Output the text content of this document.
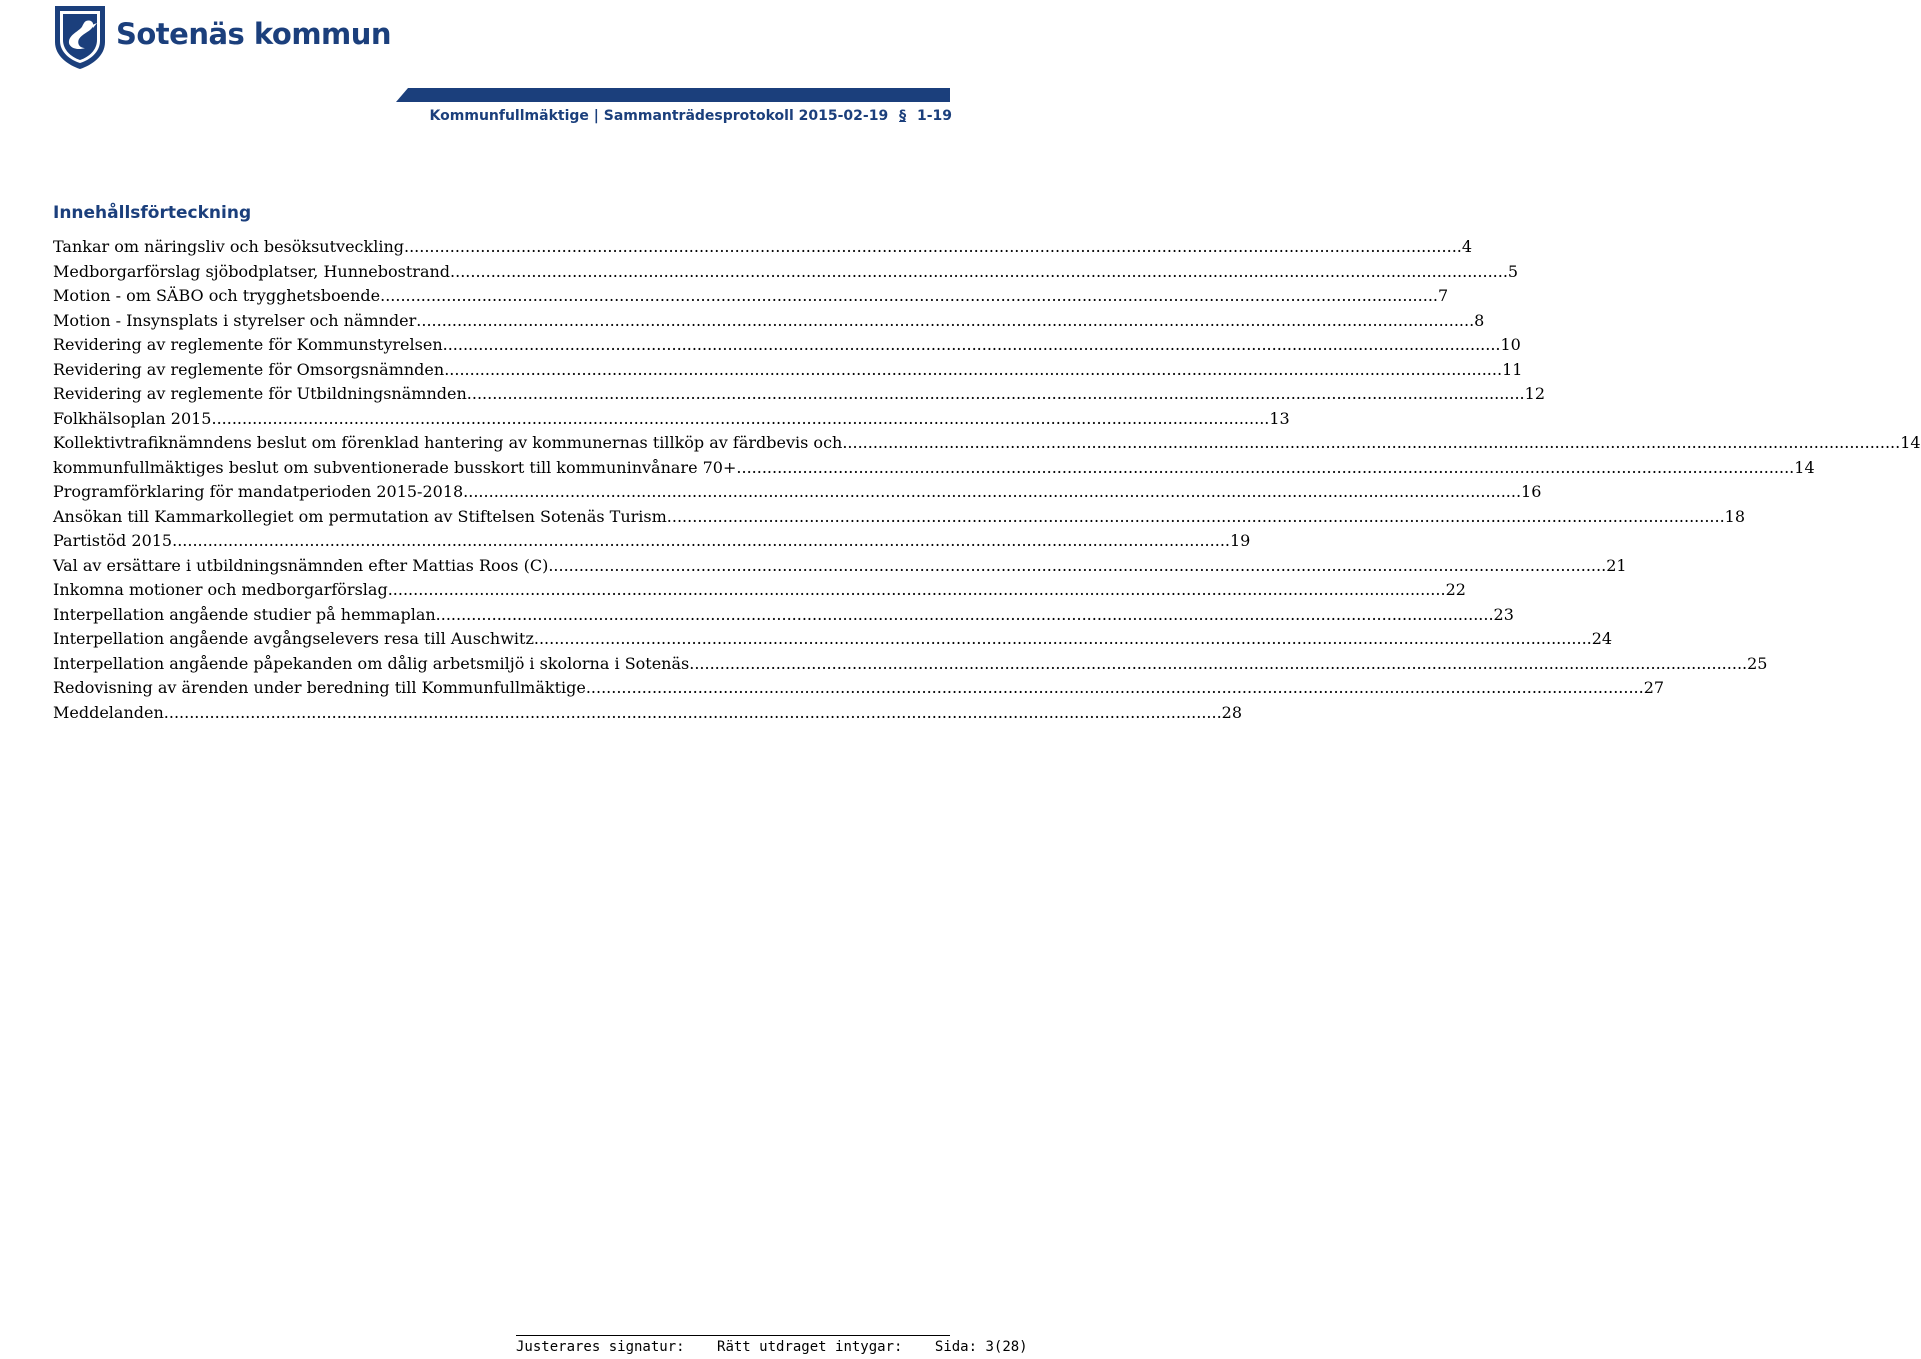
Sotenäs kommun
Kommunfullmäktige | Sammanträdesprotokoll 2015-02-19 § 1-19
Innehållsförteckning
Tankar om näringsliv och besöksutveckling .....	4
Medborgarförslag sjöbodplatser, Hunnebostrand .....	5
Motion - om SÄBO och trygghetsboende .....	7
Motion - Insynsplats i styrelser och nämnder .....	8
Revidering av reglemente för Kommunstyrelsen .....	10
Revidering av reglemente för Omsorgsnämnden .....	11
Revidering av reglemente för Utbildningsnämnden .....	12
Folkhälsoplan 2015 .....	13
Kollektivtrafiknämndens beslut om förenklad hantering av kommunernas tillköp av färdbevis och .....	14
kommunfullmäktiges beslut om subventionerade busskort till kommuninvånare 70+ .....	14
Programförklaring för mandatperioden 2015-2018 .....	16
Ansökan till Kammarkollegiet om permutation av Stiftelsen Sotenäs Turism .....	18
Partistöd 2015 .....	19
Val av ersättare i utbildningsnämnden efter Mattias Roos (C) .....	21
Inkomna motioner och medborgarförslag .....	22
Interpellation angående studier på hemmaplan .....	23
Interpellation angående avgångselevers resa till Auschwitz .....	24
Interpellation angående påpekanden om dålig arbetsmiljö i skolorna i Sotenäs .....	25
Redovisning av ärenden under beredning till Kommunfullmäktige .....	27
Meddelanden .....	28
Justerares signatur: Rätt utdraget intygar: Sida: 3(28)
